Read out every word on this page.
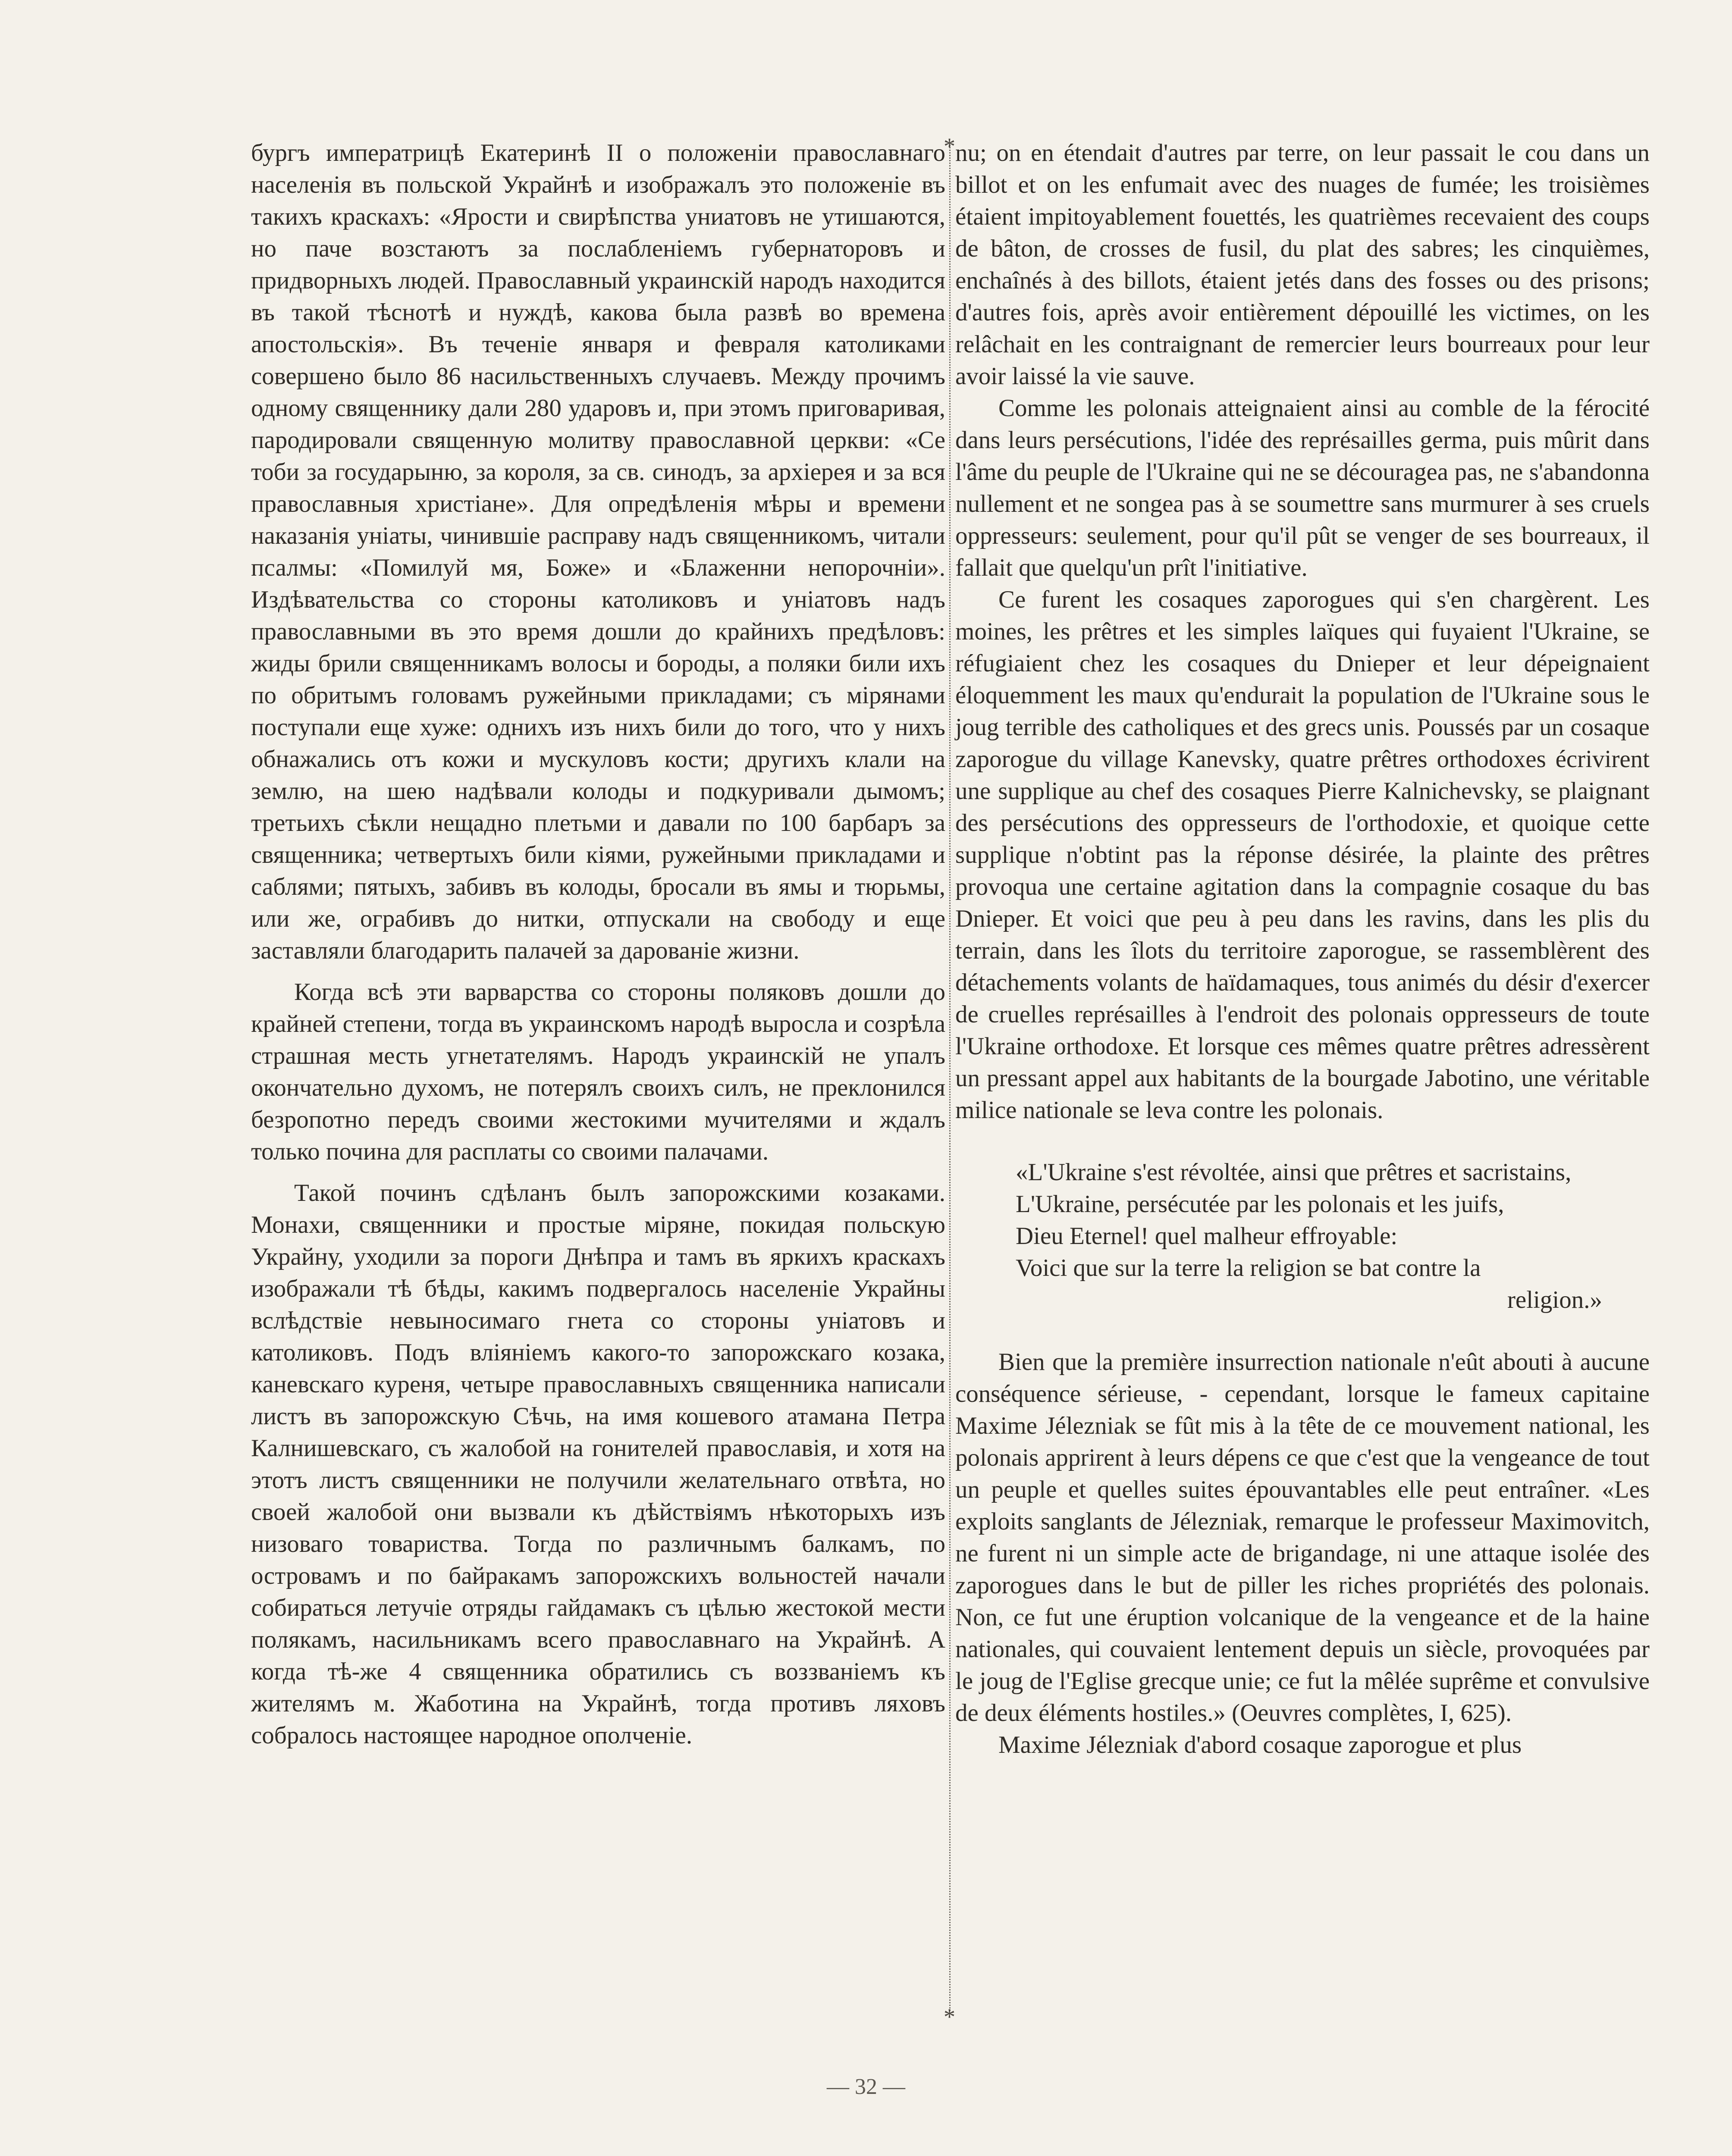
бургъ императрицѣ Екатеринѣ II о положеніи православнаго населенія въ польской Украйнѣ и изображалъ это положеніе въ такихъ краскахъ: «Ярости и свирѣпства униатовъ не утишаются, но паче возстаютъ за послабленіемъ губернаторовъ и придворныхъ людей. Православный украинскій народъ находится въ такой тѣснотѣ и нуждѣ, какова была развѣ во времена апостольскія». Въ теченіе января и февраля католиками совершено было 86 насильственныхъ случаевъ. Между прочимъ одному священнику дали 280 ударовъ и, при этомъ приговаривая, пародировали священную молитву православной церкви: «Се тоби за государыню, за короля, за св. синодъ, за архіерея и за вся православныя христіане». Для опредѣленія мѣры и времени наказанія уніаты, чинившіе расправу надъ священникомъ, читали псалмы: «Помилуй мя, Боже» и «Блаженни непорочніи». Издѣвательства со стороны католиковъ и уніатовъ надъ православными въ это время дошли до крайнихъ предѣловъ: жиды брили священникамъ волосы и бороды, а поляки били ихъ по обритымъ головамъ ружейными прикладами; съ мірянами поступали еще хуже: однихъ изъ нихъ били до того, что у нихъ обнажались отъ кожи и мускуловъ кости; другихъ клали на землю, на шею надѣвали колоды и подкуривали дымомъ; третьихъ сѣкли нещадно плетьми и давали по 100 барбаръ за священника; четвертыхъ били кіями, ружейными прикладами и саблями; пятыхъ, забивъ въ колоды, бросали въ ямы и тюрьмы, или же, ограбивъ до нитки, отпускали на свободу и еще заставляли благодарить палачей за дарованіе жизни.

Когда всѣ эти варварства со стороны поляковъ дошли до крайней степени, тогда въ украинскомъ народѣ выросла и созрѣла страшная месть угнетателямъ. Народъ украинскій не упалъ окончательно духомъ, не потерялъ своихъ силъ, не преклонился безропотно передъ своими жестокими мучителями и ждалъ только почина для расплаты со своими палачами.

Такой починъ сдѣланъ былъ запорожскими козаками. Монахи, священники и простые міряне, покидая польскую Украйну, уходили за пороги Днѣпра и тамъ въ яркихъ краскахъ изображали тѣ бѣды, какимъ подвергалось населеніе Украйны вслѣдствіе невыносимаго гнета со стороны уніатовъ и католиковъ. Подъ вліяніемъ какого-то запорожскаго козака, каневскаго куреня, четыре православныхъ священника написали листъ въ запорожскую Сѣчь, на имя кошевого атамана Петра Калнишевскаго, съ жалобой на гонителей православія, и хотя на этотъ листъ священники не получили желательнаго отвѣта, но своей жалобой они вызвали къ дѣйствіямъ нѣкоторыхъ изъ низоваго товариства. Тогда по различнымъ балкамъ, по островамъ и по байракамъ запорожскихъ вольностей начали собираться летучіе отряды гайдамакъ съ цѣлью жестокой мести полякамъ, насильникамъ всего православнаго на Украйнѣ. А когда тѣ-же 4 священника обратились съ воззваніемъ къ жителямъ м. Жаботина на Украйнѣ, тогда противъ ляховъ собралось настоящее народное ополченіе.

*
*

nu; on en étendait d'autres par terre, on leur passait le cou dans un billot et on les enfumait avec des nuages de fumée; les troisièmes étaient impitoyablement fouettés, les quatrièmes recevaient des coups de bâton, de crosses de fusil, du plat des sabres; les cinquièmes, enchaînés à des billots, étaient jetés dans des fosses ou des prisons; d'autres fois, après avoir entièrement dépouillé les victimes, on les relâchait en les contraignant de remercier leurs bourreaux pour leur avoir laissé la vie sauve.

Comme les polonais atteignaient ainsi au comble de la férocité dans leurs persécutions, l'idée des représailles germa, puis mûrit dans l'âme du peuple de l'Ukraine qui ne se découragea pas, ne s'abandonna nullement et ne songea pas à se soumettre sans murmurer à ses cruels oppresseurs: seulement, pour qu'il pût se venger de ses bourreaux, il fallait que quelqu'un prît l'initiative.

Ce furent les cosaques zaporogues qui s'en chargèrent. Les moines, les prêtres et les simples laïques qui fuyaient l'Ukraine, se réfugiaient chez les cosaques du Dnieper et leur dépeignaient éloquemment les maux qu'endurait la population de l'Ukraine sous le joug terrible des catholiques et des grecs unis. Poussés par un cosaque zaporogue du village Kanevsky, quatre prêtres orthodoxes écrivirent une supplique au chef des cosaques Pierre Kalnichevsky, se plaignant des persécutions des oppresseurs de l'orthodoxie, et quoique cette supplique n'obtint pas la réponse désirée, la plainte des prêtres provoqua une certaine agitation dans la compagnie cosaque du bas Dnieper. Et voici que peu à peu dans les ravins, dans les plis du terrain, dans les îlots du territoire zaporogue, se rassemblèrent des détachements volants de haïdamaques, tous animés du désir d'exercer de cruelles représailles à l'endroit des polonais oppresseurs de toute l'Ukraine orthodoxe. Et lorsque ces mêmes quatre prêtres adressèrent un pressant appel aux habitants de la bourgade Jabotino, une véritable milice nationale se leva contre les polonais.

«L'Ukraine s'est révoltée, ainsi que prêtres et sacristains,
L'Ukraine, persécutée par les polonais et les juifs,
Dieu Eternel! quel malheur effroyable:
Voici que sur la terre la religion se bat contre la
religion.»

Bien que la première insurrection nationale n'eût abouti à aucune conséquence sérieuse, - cependant, lorsque le fameux capitaine Maxime Jélezniak se fût mis à la tête de ce mouvement national, les polonais apprirent à leurs dépens ce que c'est que la vengeance de tout un peuple et quelles suites épouvantables elle peut entraîner. «Les exploits sanglants de Jélezniak, remarque le professeur Maximovitch, ne furent ni un simple acte de brigandage, ni une attaque isolée des zaporogues dans le but de piller les riches propriétés des polonais. Non, ce fut une éruption volcanique de la vengeance et de la haine nationales, qui couvaient lentement depuis un siècle, provoquées par le joug de l'Eglise grecque unie; ce fut la mêlée suprême et convulsive de deux éléments hostiles.» (Oeuvres complètes, I, 625).

Maxime Jélezniak d'abord cosaque zaporogue et plus

— 32 —
